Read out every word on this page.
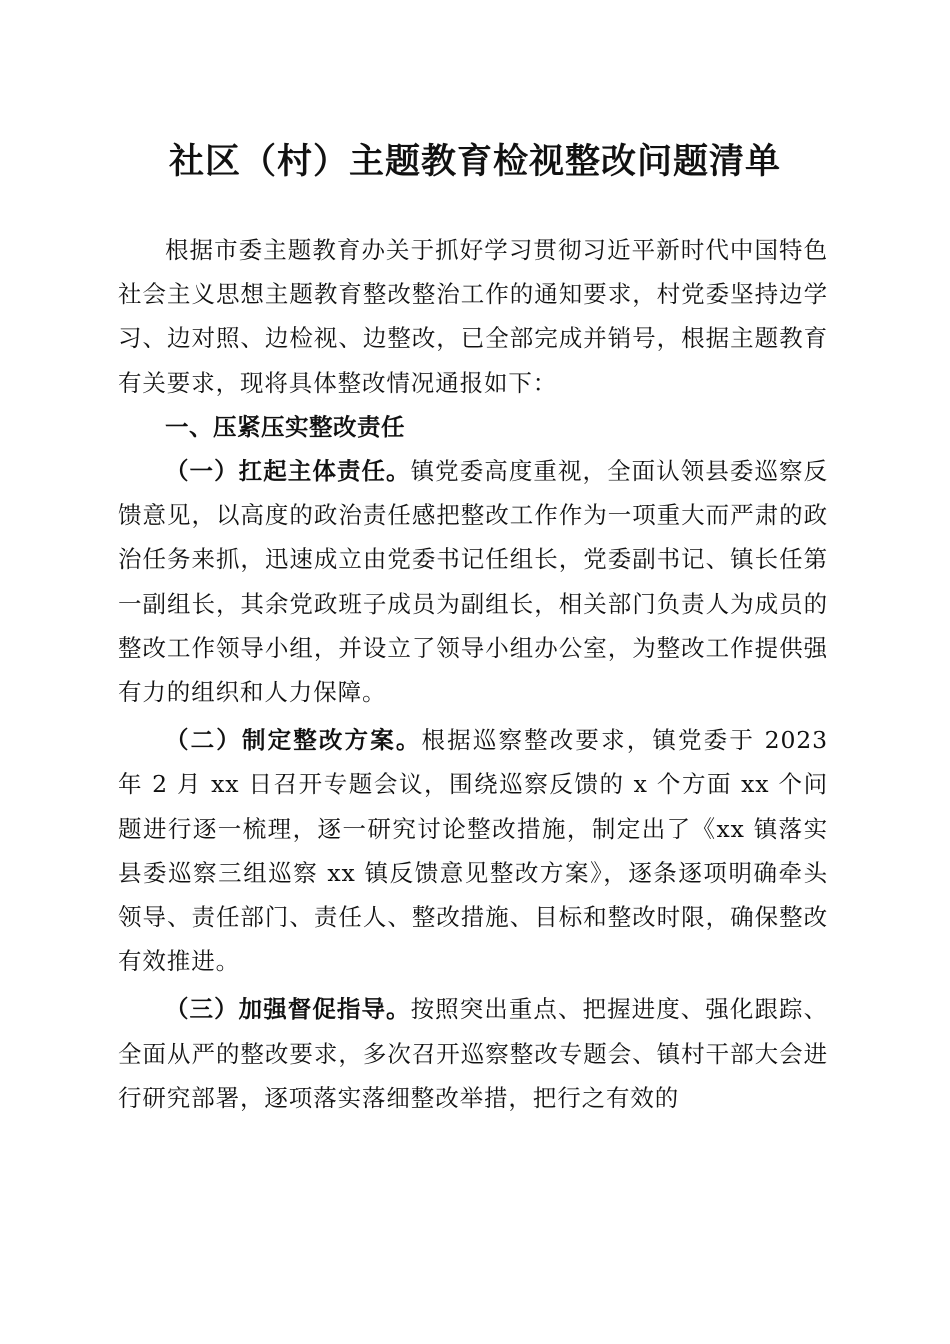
社区（村）主题教育检视整改问题清单

根据市委主题教育办关于抓好学习贯彻习近平新时代中国特色社会主义思想主题教育整改整治工作的通知要求，村党委坚持边学习、边对照、边检视、边整改，已全部完成并销号，根据主题教育有关要求，现将具体整改情况通报如下：

一、压紧压实整改责任

（一）扛起主体责任。镇党委高度重视，全面认领县委巡察反馈意见，以高度的政治责任感把整改工作作为一项重大而严肃的政治任务来抓，迅速成立由党委书记任组长，党委副书记、镇长任第一副组长，其余党政班子成员为副组长，相关部门负责人为成员的整改工作领导小组，并设立了领导小组办公室，为整改工作提供强有力的组织和人力保障。

（二）制定整改方案。根据巡察整改要求，镇党委于 2023 年 2 月 xx 日召开专题会议，围绕巡察反馈的 x 个方面 xx 个问题进行逐一梳理，逐一研究讨论整改措施，制定出了《xx 镇落实县委巡察三组巡察 xx 镇反馈意见整改方案》，逐条逐项明确牵头领导、责任部门、责任人、整改措施、目标和整改时限，确保整改有效推进。

（三）加强督促指导。按照突出重点、把握进度、强化跟踪、全面从严的整改要求，多次召开巡察整改专题会、镇村干部大会进行研究部署，逐项落实落细整改举措，把行之有效的
